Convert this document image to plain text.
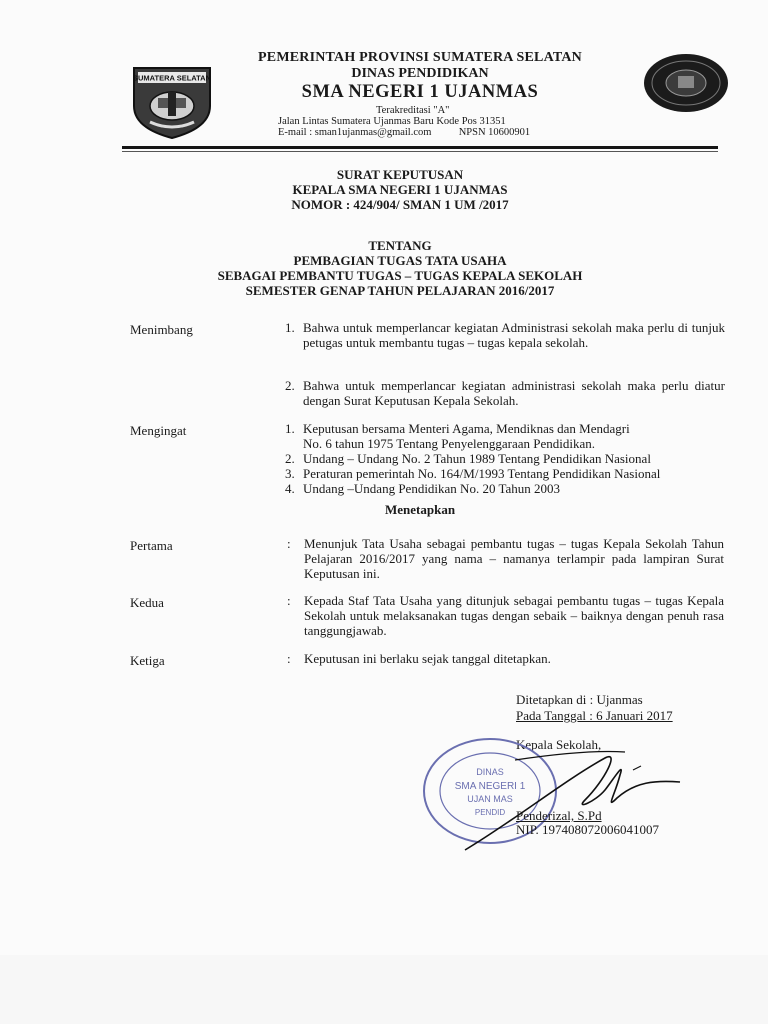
SUMATERA SELATAN
PEMERINTAH PROVINSI SUMATERA SELATAN
DINAS PENDIDIKAN
SMA NEGERI 1 UJANMAS
Terakreditasi "A"
Jalan Lintas Sumatera Ujanmas Baru Kode Pos 31351
E-mail : sman1ujanmas@gmail.com	NPSN 10600901
SURAT KEPUTUSAN
KEPALA SMA NEGERI 1 UJANMAS
NOMOR : 424/904/ SMAN 1 UM /2017
TENTANG
PEMBAGIAN TUGAS TATA USAHA
SEBAGAI PEMBANTU TUGAS – TUGAS KEPALA SEKOLAH
SEMESTER GENAP TAHUN PELAJARAN 2016/2017
Menimbang	1. Bahwa untuk memperlancar kegiatan Administrasi sekolah maka perlu di tunjuk petugas untuk membantu tugas – tugas kepala sekolah.
2. Bahwa untuk memperlancar kegiatan administrasi sekolah maka perlu diatur dengan Surat Keputusan Kepala Sekolah.
Mengingat	1. Keputusan bersama Menteri Agama, Mendiknas dan Mendagri
No. 6 tahun 1975 Tentang Penyelenggaraan Pendidikan.
2. Undang – Undang No. 2 Tahun 1989 Tentang Pendidikan Nasional
3. Peraturan pemerintah No. 164/M/1993 Tentang Pendidikan Nasional
4. Undang –Undang Pendidikan No. 20 Tahun 2003
Menetapkan
Pertama	: Menunjuk Tata Usaha sebagai pembantu tugas – tugas Kepala Sekolah Tahun Pelajaran 2016/2017 yang nama – namanya terlampir pada lampiran Surat Keputusan ini.
Kedua	: Kepada Staf Tata Usaha yang ditunjuk sebagai pembantu tugas – tugas Kepala Sekolah untuk melaksanakan tugas dengan sebaik – baiknya dengan penuh rasa tanggungjawab.
Ketiga	: Keputusan ini berlaku sejak tanggal ditetapkan.
Ditetapkan di : Ujanmas
Pada Tanggal : 6 Januari 2017
Kepala Sekolah,
DINAS
SMA NEGERI 1
UJAN MAS
PENDID Penderizal, S.Pd
NIP. 197408072006041007
